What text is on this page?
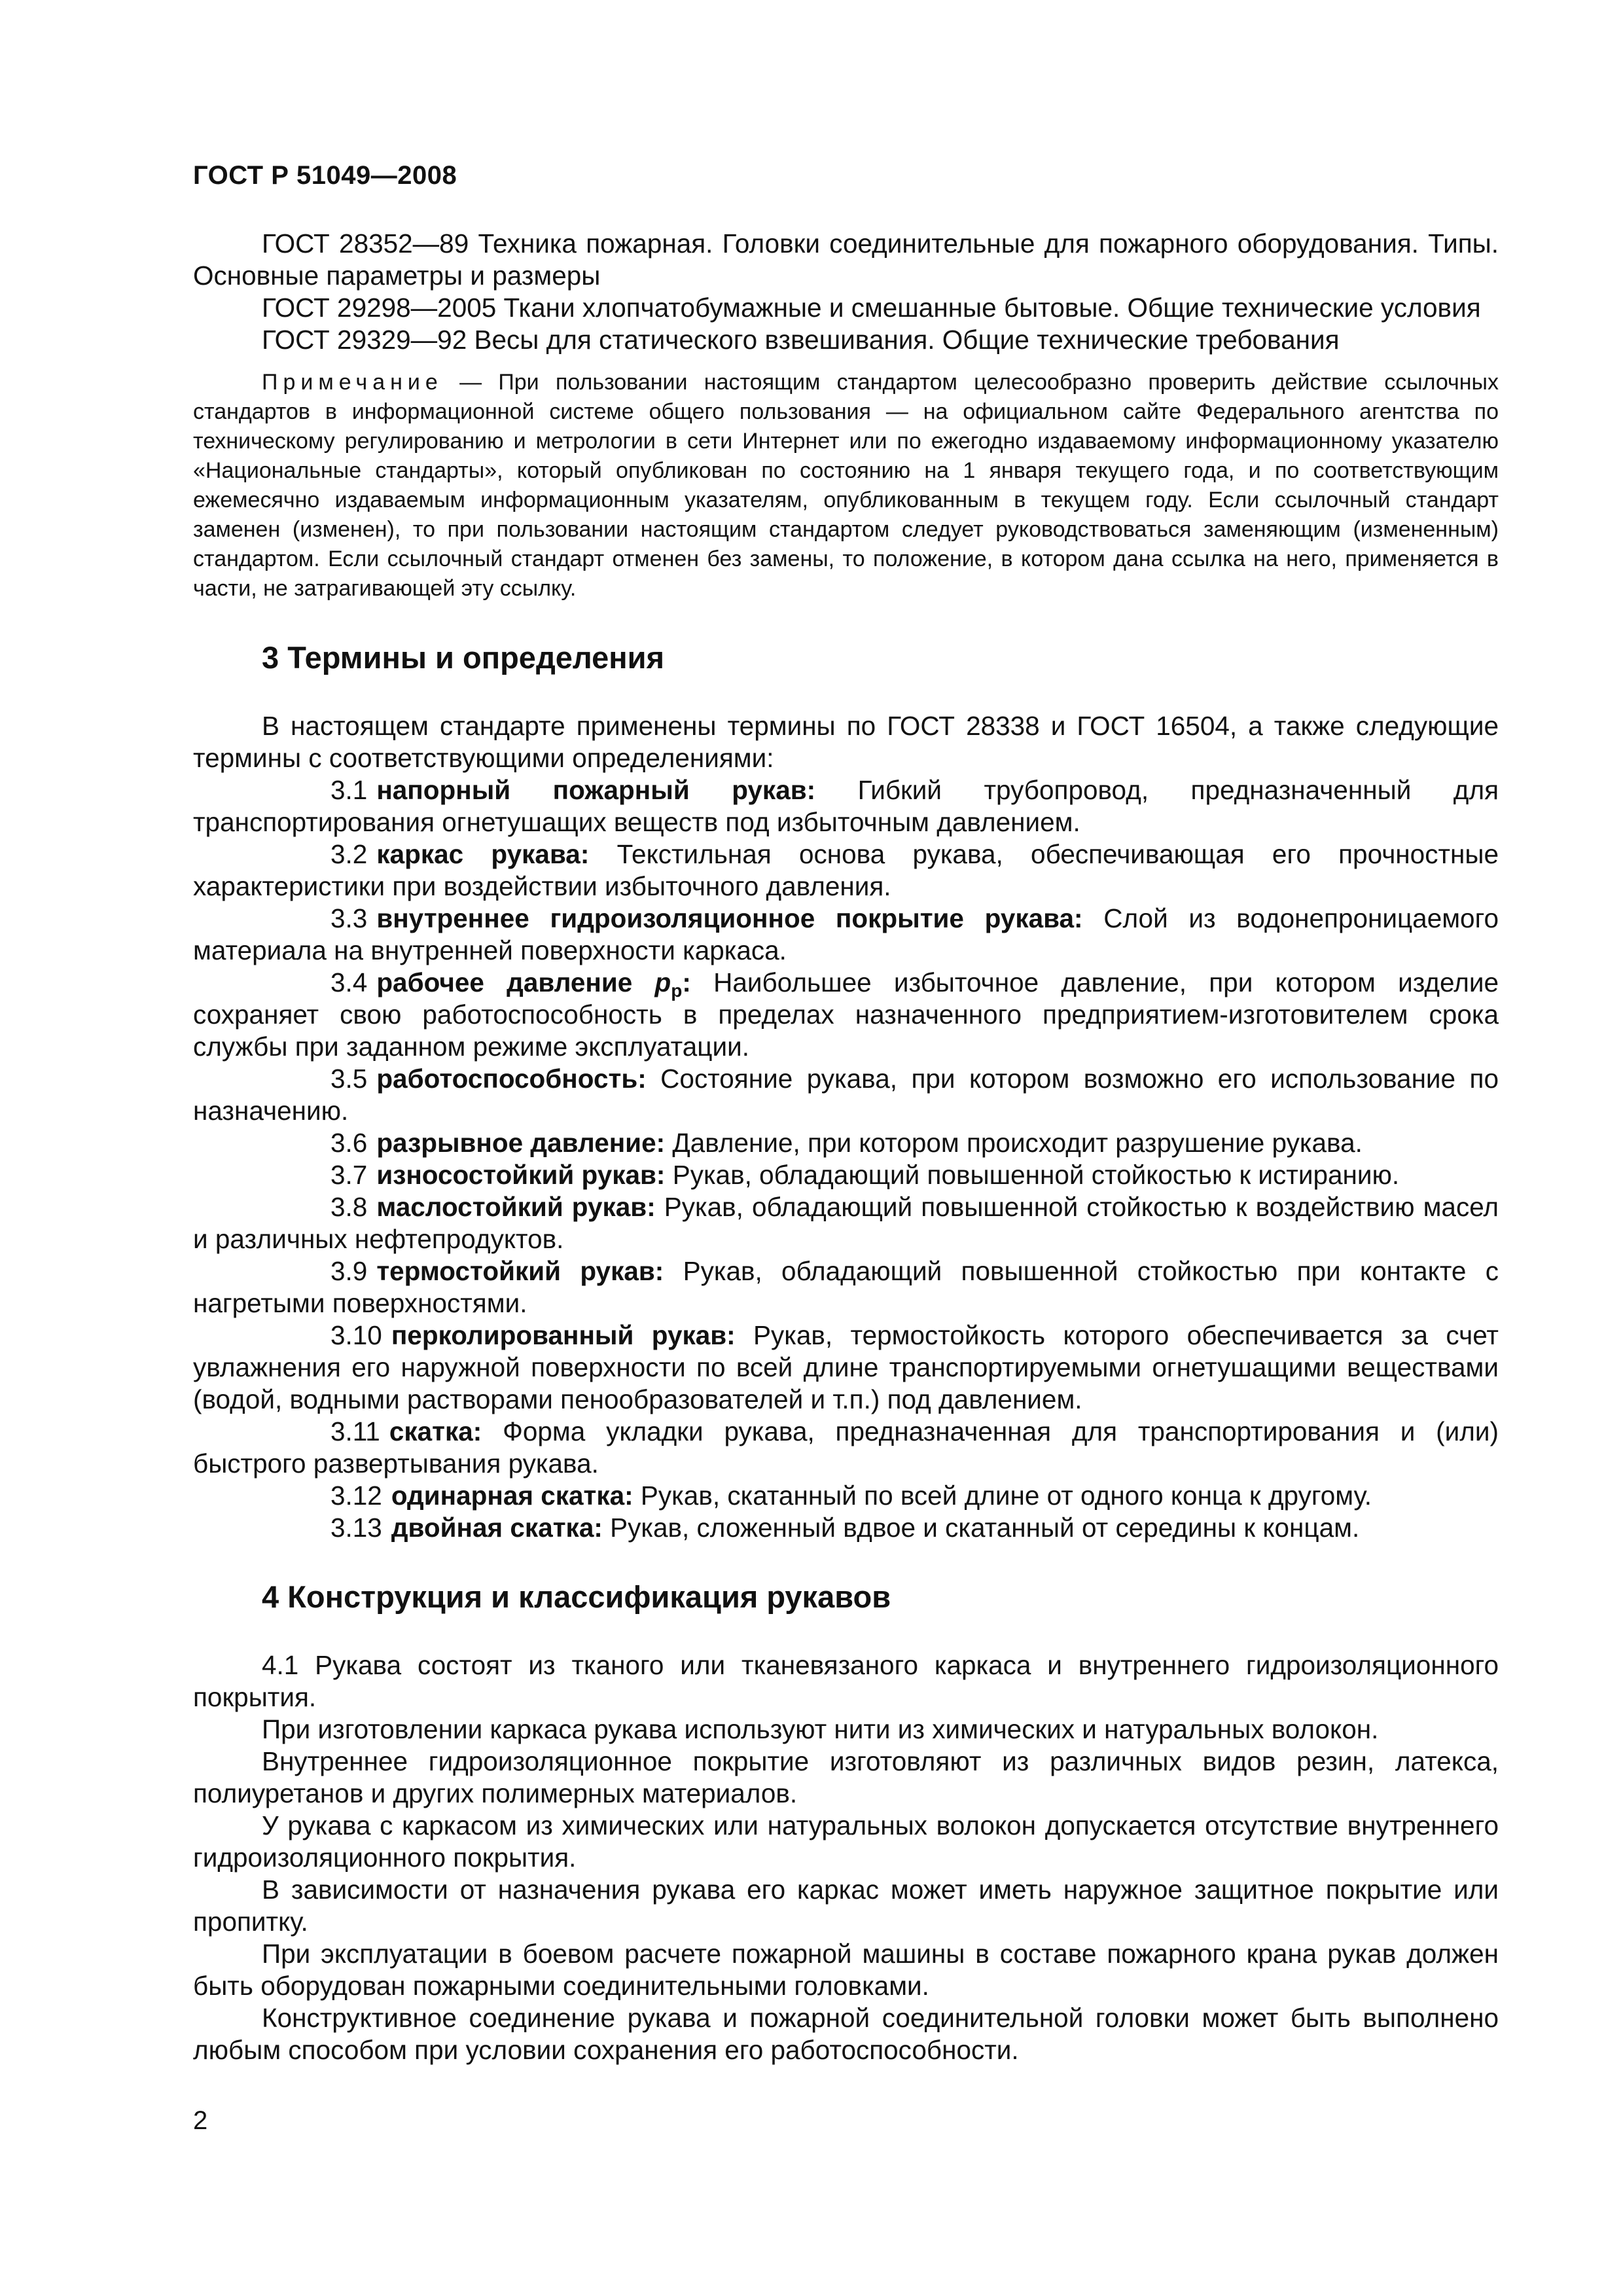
ГОСТ Р 51049—2008

ГОСТ 28352—89 Техника пожарная. Головки соединительные для пожарного оборудования. Типы. Основные параметры и размеры

ГОСТ 29298—2005 Ткани хлопчатобумажные и смешанные бытовые. Общие технические условия

ГОСТ 29329—92 Весы для статического взвешивания. Общие технические требования

Примечание — При пользовании настоящим стандартом целесообразно проверить действие ссылочных стандартов в информационной системе общего пользования — на официальном сайте Федерального агентства по техническому регулированию и метрологии в сети Интернет или по ежегодно издаваемому информационному указателю «Национальные стандарты», который опубликован по состоянию на 1 января текущего года, и по соответствующим ежемесячно издаваемым информационным указателям, опубликованным в текущем году. Если ссылочный стандарт заменен (изменен), то при пользовании настоящим стандартом следует руководствоваться заменяющим (измененным) стандартом. Если ссылочный стандарт отменен без замены, то положение, в котором дана ссылка на него, применяется в части, не затрагивающей эту ссылку.

3 Термины и определения

В настоящем стандарте применены термины по ГОСТ 28338 и ГОСТ 16504, а также следующие термины с соответствующими определениями:

3.1 напорный пожарный рукав: Гибкий трубопровод, предназначенный для транспортирования огнетушащих веществ под избыточным давлением.

3.2 каркас рукава: Текстильная основа рукава, обеспечивающая его прочностные характеристики при воздействии избыточного давления.

3.3 внутреннее гидроизоляционное покрытие рукава: Слой из водонепроницаемого материала на внутренней поверхности каркаса.

3.4 рабочее давление $p_р$: Наибольшее избыточное давление, при котором изделие сохраняет свою работоспособность в пределах назначенного предприятием-изготовителем срока службы при заданном режиме эксплуатации.

3.5 работоспособность: Состояние рукава, при котором возможно его использование по назначению.

3.6 разрывное давление: Давление, при котором происходит разрушение рукава.

3.7 износостойкий рукав: Рукав, обладающий повышенной стойкостью к истиранию.

3.8 маслостойкий рукав: Рукав, обладающий повышенной стойкостью к воздействию масел и различных нефтепродуктов.

3.9 термостойкий рукав: Рукав, обладающий повышенной стойкостью при контакте с нагретыми поверхностями.

3.10 перколированный рукав: Рукав, термостойкость которого обеспечивается за счет увлажнения его наружной поверхности по всей длине транспортируемыми огнетушащими веществами (водой, водными растворами пенообразователей и т.п.) под давлением.

3.11 скатка: Форма укладки рукава, предназначенная для транспортирования и (или) быстрого развертывания рукава.

3.12 одинарная скатка: Рукав, скатанный по всей длине от одного конца к другому.

3.13 двойная скатка: Рукав, сложенный вдвое и скатанный от середины к концам.

4 Конструкция и классификация рукавов

4.1 Рукава состоят из тканого или тканевязаного каркаса и внутреннего гидроизоляционного покрытия.

При изготовлении каркаса рукава используют нити из химических и натуральных волокон.

Внутреннее гидроизоляционное покрытие изготовляют из различных видов резин, латекса, полиуретанов и других полимерных материалов.

У рукава с каркасом из химических или натуральных волокон допускается отсутствие внутреннего гидроизоляционного покрытия.

В зависимости от назначения рукава его каркас может иметь наружное защитное покрытие или пропитку.

При эксплуатации в боевом расчете пожарной машины в составе пожарного крана рукав должен быть оборудован пожарными соединительными головками.

Конструктивное соединение рукава и пожарной соединительной головки может быть выполнено любым способом при условии сохранения его работоспособности.

2
